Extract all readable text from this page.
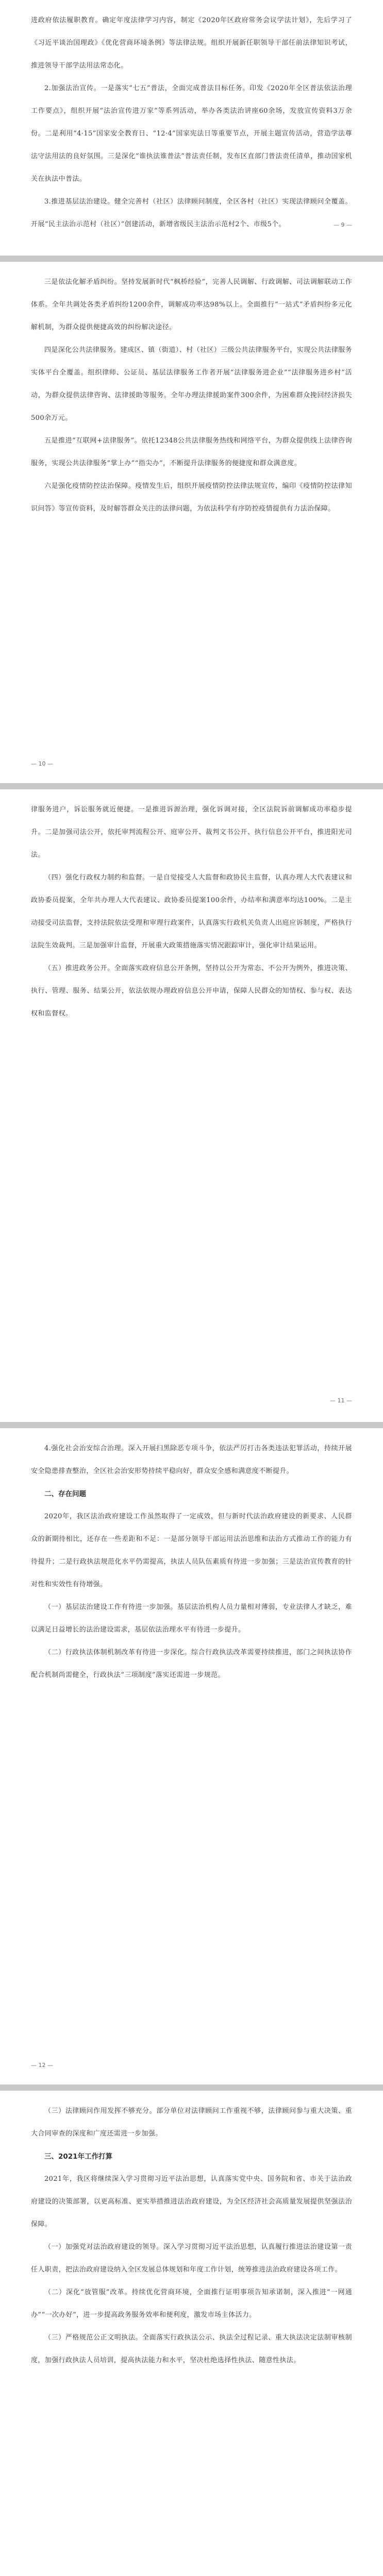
进政府依法履职教育。确定年度法律学习内容，制定《2020年区政府常务会议学法计划》，先后学习了《习近平谈治国理政》《优化营商环境条例》等法律法规。组织开展新任职领导干部任前法律知识考试，推进领导干部学法用法常态化。

2.加强法治宣传。一是落实“七五”普法，全面完成普法目标任务。印发《2020年全区普法依法治理工作要点》，组织开展“法治宣传进万家”等系列活动，举办各类法治讲座60余场，发放宣传资料3万余份。二是利用“4·15”国家安全教育日、“12·4”国家宪法日等重要节点，开展主题宣传活动，营造学法尊法守法用法的良好氛围。三是深化“谁执法谁普法”普法责任制，发布区直部门普法责任清单，推动国家机关在执法中普法。

3.推进基层法治建设。健全完善村（社区）法律顾问制度，全区各村（社区）实现法律顾问全覆盖。开展“民主法治示范村（社区）”创建活动，新增省级民主法治示范村2个、市级5个。	— 9 —

三是依法化解矛盾纠纷。坚持发展新时代“枫桥经验”，完善人民调解、行政调解、司法调解联动工作体系。全年共调处各类矛盾纠纷1200余件，调解成功率达98%以上。全面推行“一站式”矛盾纠纷多元化解机制，为群众提供便捷高效的纠纷解决途径。

四是深化公共法律服务。建成区、镇（街道）、村（社区）三级公共法律服务平台，实现公共法律服务实体平台全覆盖。组织律师、公证员、基层法律服务工作者开展“法律服务进企业”“法律服务进乡村”活动，为群众提供法律咨询、法律援助等服务。全年办理法律援助案件300余件，为困难群众挽回经济损失500余万元。

五是推进“互联网+法律服务”。依托12348公共法律服务热线和网络平台，为群众提供线上法律咨询服务，实现公共法律服务“掌上办”“指尖办”，不断提升法律服务的便捷度和群众满意度。

六是强化疫情防控法治保障。疫情发生后，组织开展疫情防控法律法规宣传，编印《疫情防控法律知识问答》等宣传资料，及时解答群众关注的法律问题，为依法科学有序防控疫情提供有力法治保障。

— 10 —

律服务进户，诉讼服务就近便捷。一是推进诉源治理，强化诉调对接，全区法院诉前调解成功率稳步提升。二是加强司法公开，依托审判流程公开、庭审公开、裁判文书公开、执行信息公开平台，推进阳光司法。

（四）强化行政权力制约和监督。一是自觉接受人大监督和政协民主监督，认真办理人大代表建议和政协委员提案，全年共办理人大代表建议、政协委员提案100余件，办结率和满意率均达100%。二是主动接受司法监督，支持法院依法受理和审理行政案件，认真落实行政机关负责人出庭应诉制度，严格执行法院生效裁判。三是加强审计监督，开展重大政策措施落实情况跟踪审计，强化审计结果运用。

（五）推进政务公开。全面落实政府信息公开条例，坚持以公开为常态、不公开为例外，推进决策、执行、管理、服务、结果公开，依法依规办理政府信息公开申请，保障人民群众的知情权、参与权、表达权和监督权。

— 11 —

4.强化社会治安综合治理。深入开展扫黑除恶专项斗争，依法严厉打击各类违法犯罪活动，持续开展安全隐患排查整治，全区社会治安形势持续平稳向好，群众安全感和满意度不断提升。

二、存在问题

2020年，我区法治政府建设工作虽然取得了一定成效，但与新时代法治政府建设的新要求、人民群众的新期待相比，还存在一些差距和不足：一是部分领导干部运用法治思维和法治方式推动工作的能力有待提升；二是行政执法规范化水平仍需提高，执法人员队伍素质有待进一步加强；三是法治宣传教育的针对性和实效性有待增强。

（一）基层法治建设工作有待进一步加强。基层法治机构人员力量相对薄弱，专业法律人才缺乏，难以满足日益增长的法治建设需求，基层依法治理水平有待进一步提升。

（二）行政执法体制机制改革有待进一步深化。综合行政执法改革需要持续推进，部门之间执法协作配合机制尚需健全，行政执法“三项制度”落实还需进一步规范。

— 12 —

（三）法律顾问作用发挥不够充分。部分单位对法律顾问工作重视不够，法律顾问参与重大决策、重大合同审查的深度和广度还需进一步加强。

三、2021年工作打算

2021年，我区将继续深入学习贯彻习近平法治思想，认真落实党中央、国务院和省、市关于法治政府建设的决策部署，以更高标准、更实举措推进法治政府建设，为全区经济社会高质量发展提供坚强法治保障。

（一）加强党对法治政府建设的领导。深入学习贯彻习近平法治思想，认真履行推进法治建设第一责任人职责，把法治政府建设纳入全区发展总体规划和年度工作计划，统筹推进法治政府建设各项工作。

（二）深化“放管服”改革。持续优化营商环境，全面推行证明事项告知承诺制，深入推进“一网通办”“一次办好”，进一步提高政务服务效率和便利度，激发市场主体活力。

（三）严格规范公正文明执法。全面落实行政执法公示、执法全过程记录、重大执法决定法制审核制度，加强行政执法人员培训，提高执法能力和水平，坚决杜绝选择性执法、随意性执法。
